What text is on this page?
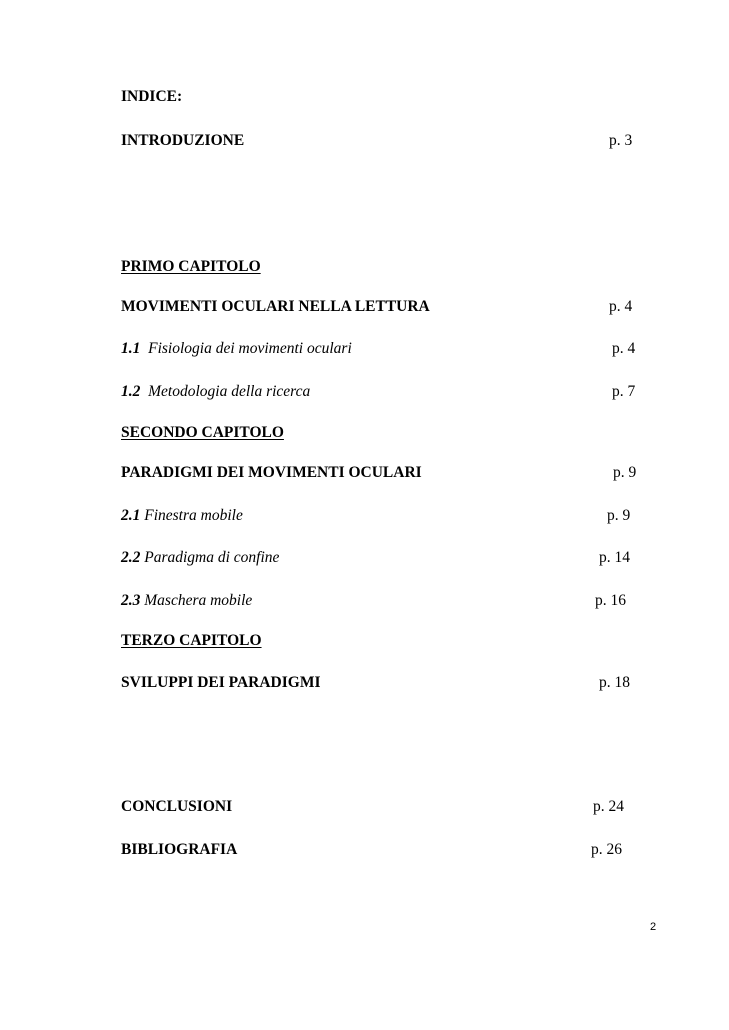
INDICE:
INTRODUZIONE	p. 3
PRIMO CAPITOLO
MOVIMENTI OCULARI NELLA LETTURA	p. 4
1.1 Fisiologia dei movimenti oculari	p. 4
1.2 Metodologia della ricerca	p. 7
SECONDO CAPITOLO
PARADIGMI DEI MOVIMENTI OCULARI	p. 9
2.1 Finestra mobile	p. 9
2.2 Paradigma di confine	p. 14
2.3 Maschera mobile	p. 16
TERZO CAPITOLO
SVILUPPI DEI PARADIGMI	p. 18
CONCLUSIONI	p. 24
BIBLIOGRAFIA	p. 26
2
